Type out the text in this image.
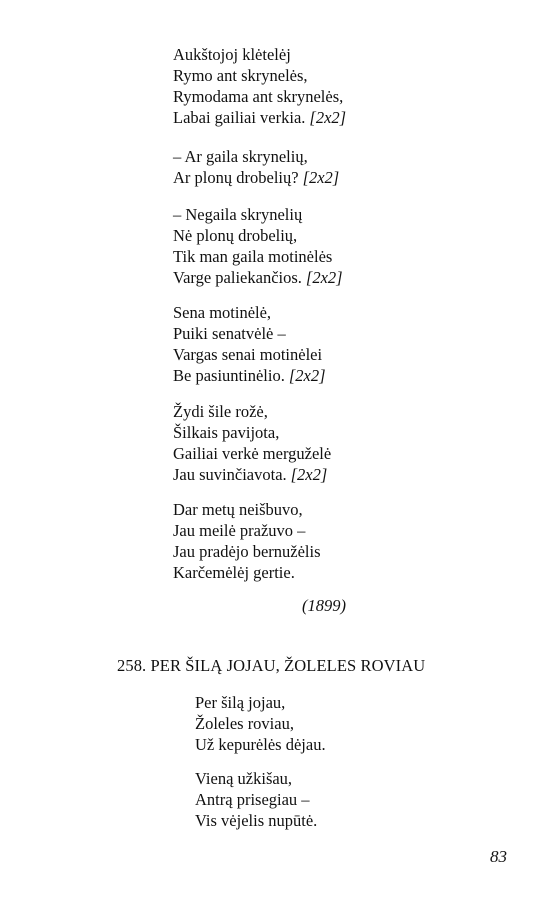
Aukštojoj klėtelėj
Rymo ant skrynelės,
Rymodama ant skrynelės,
Labai gailiai verkia. [2x2]
– Ar gaila skrynelių,
Ar plonų drobelių? [2x2]
– Negaila skrynelių
Nė plonų drobelių,
Tik man gaila motinėlės
Varge paliekančios. [2x2]
Sena motinėlė,
Puiki senatvėlė –
Vargas senai motinėlei
Be pasiuntinėlio. [2x2]
Žydi šile rožė,
Šilkais pavijota,
Gailiai verkė merguželė
Jau suvinčiavota. [2x2]
Dar metų neišbuvo,
Jau meilė pražuvo –
Jau pradėjo bernužėlis
Karčemėlėj gertie.
(1899)
258. PER ŠILĄ JOJAU, ŽOLELES ROVIAU
Per šilą jojau,
Žoleles roviau,
Už kepurėlės dėjau.
Vieną užkišau,
Antrą prisegiau –
Vis vėjelis nupūtė.
83
